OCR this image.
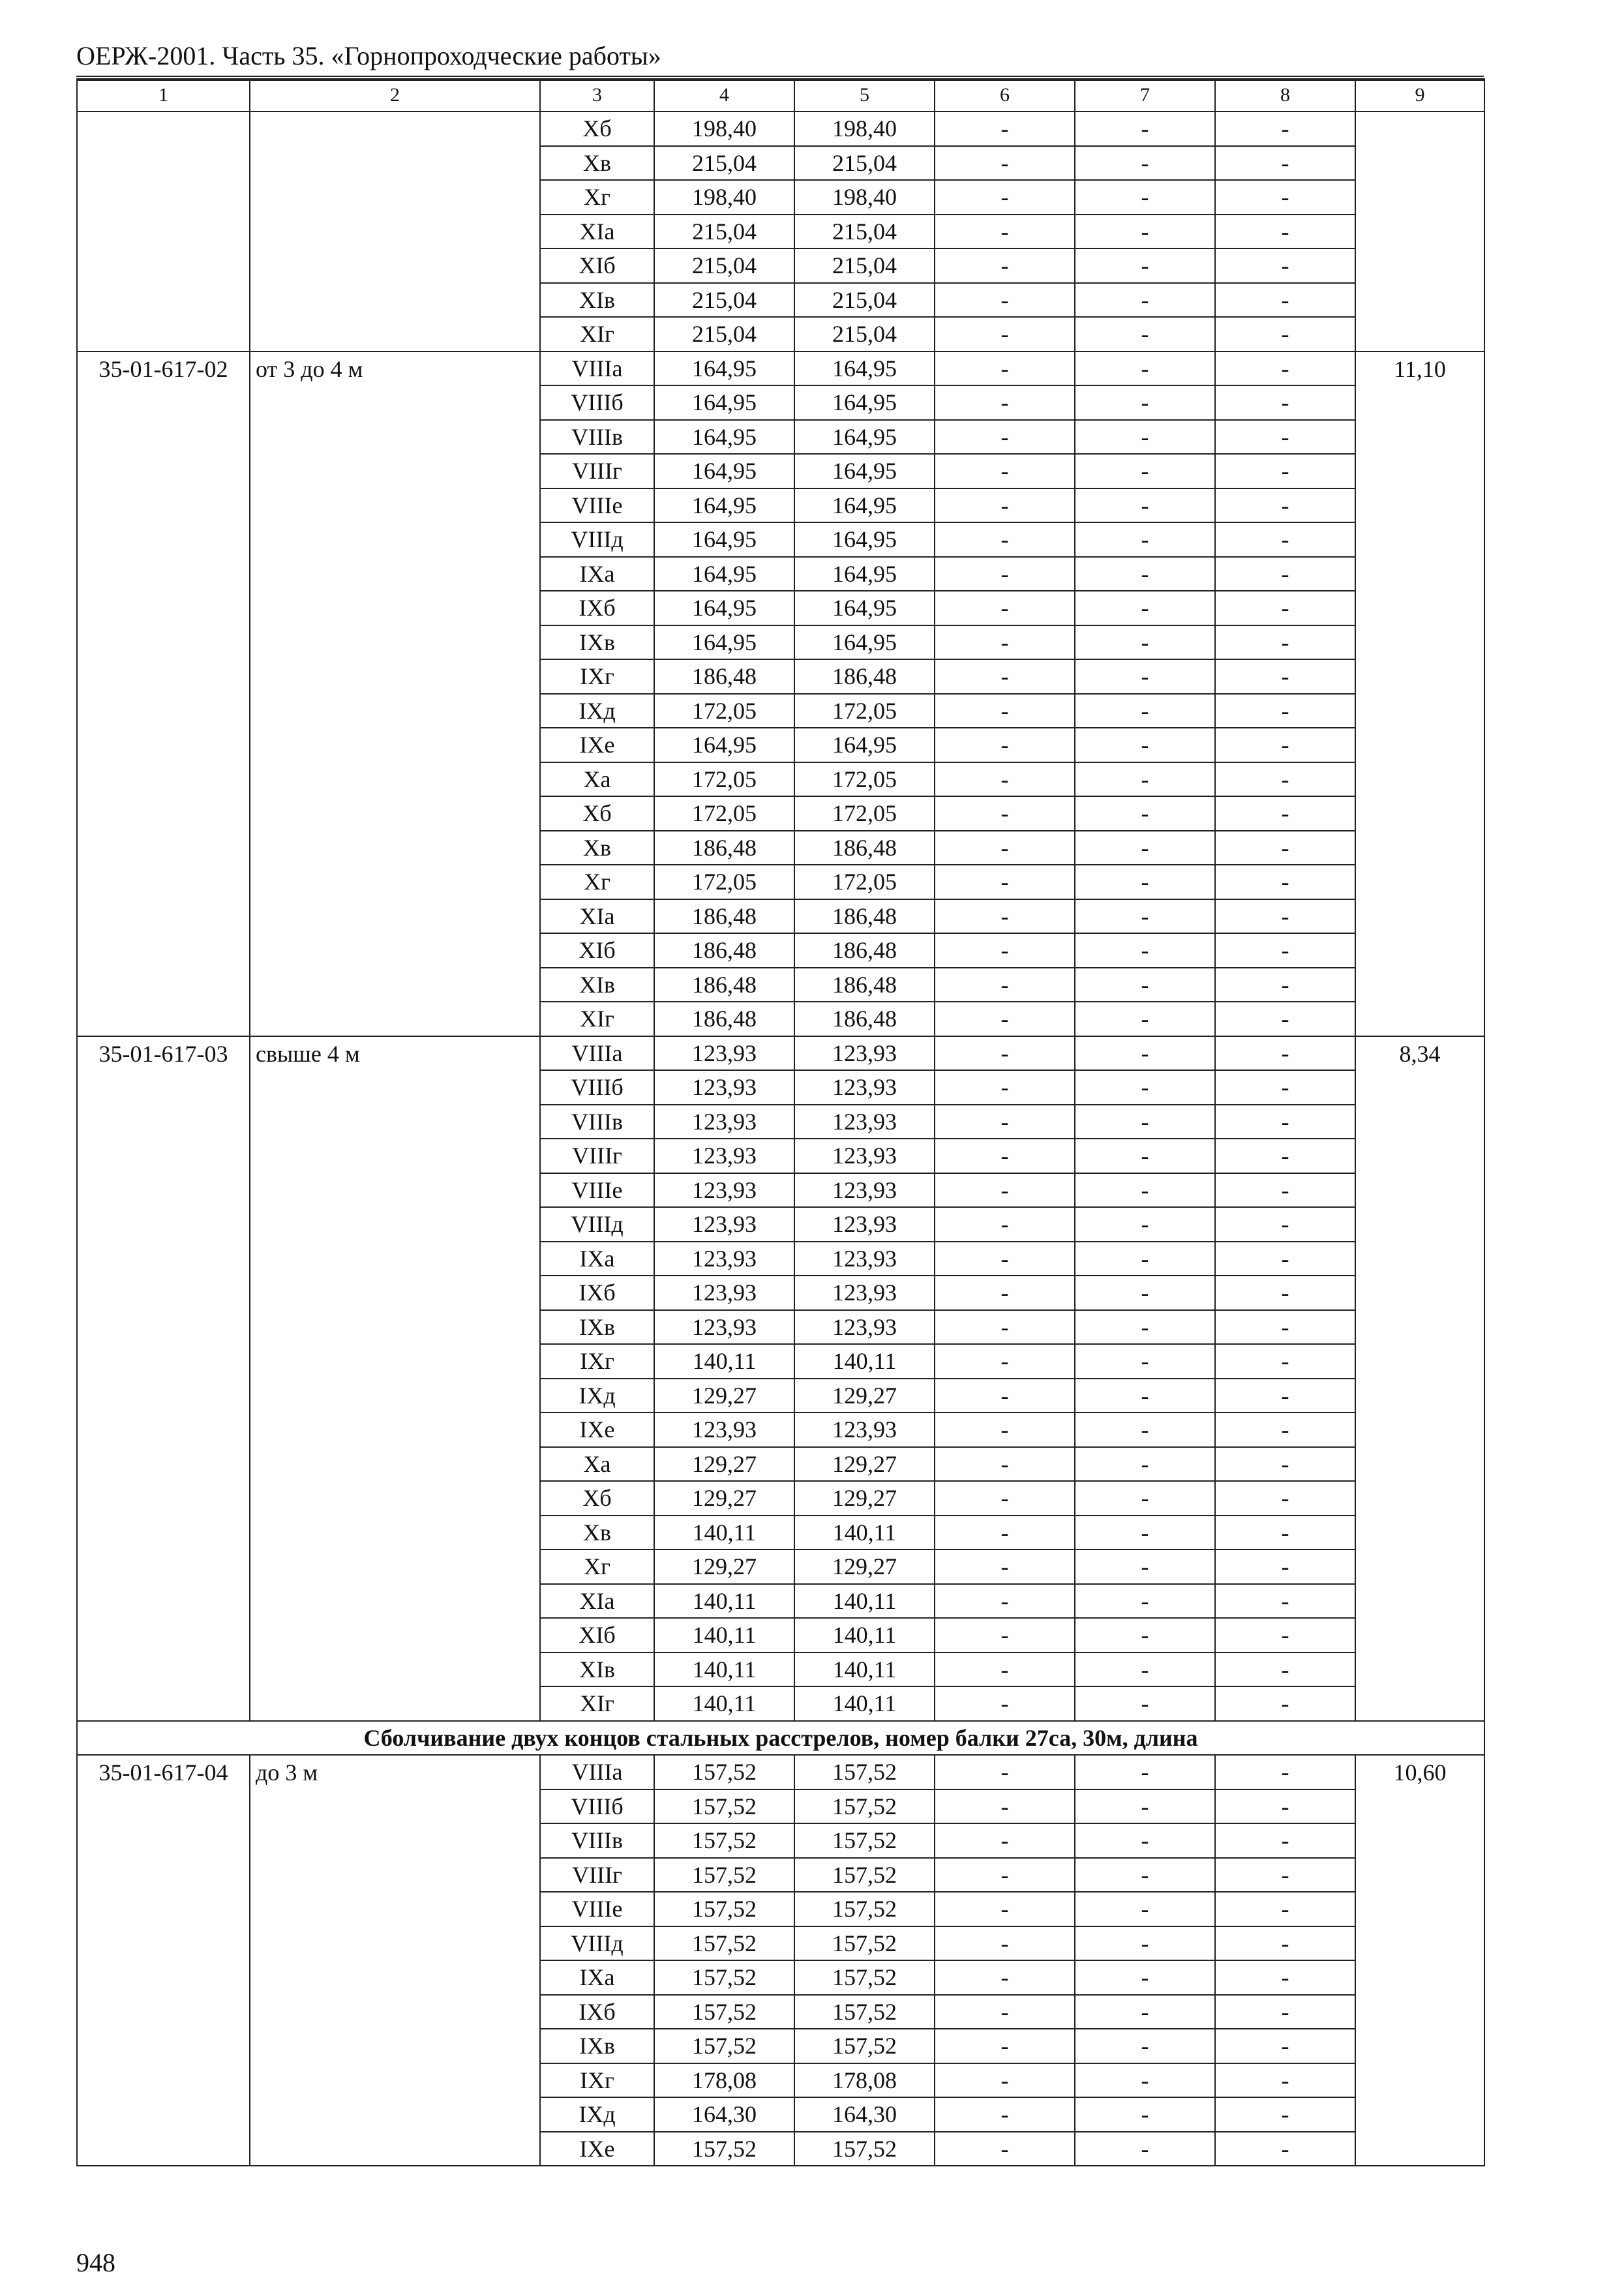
ОЕРЖ-2001. Часть 35. «Горнопроходческие работы»
1	2	3	4	5	6	7	8	9
		Хб	198,40	198,40	-	-	-	
		Хв	215,04	215,04	-	-	-	
		Хг	198,40	198,40	-	-	-	
		ХIа	215,04	215,04	-	-	-	
		ХIб	215,04	215,04	-	-	-	
		ХIв	215,04	215,04	-	-	-	
		ХIг	215,04	215,04	-	-	-	
35-01-617-02	от 3 до 4 м	VIIIа	164,95	164,95	-	-	-	11,10
		VIIIб	164,95	164,95	-	-	-	
		VIIIв	164,95	164,95	-	-	-	
		VIIIг	164,95	164,95	-	-	-	
		VIIIе	164,95	164,95	-	-	-	
		VIIIд	164,95	164,95	-	-	-	
		IХа	164,95	164,95	-	-	-	
		IХб	164,95	164,95	-	-	-	
		IХв	164,95	164,95	-	-	-	
		IХг	186,48	186,48	-	-	-	
		IХд	172,05	172,05	-	-	-	
		IХе	164,95	164,95	-	-	-	
		Ха	172,05	172,05	-	-	-	
		Хб	172,05	172,05	-	-	-	
		Хв	186,48	186,48	-	-	-	
		Хг	172,05	172,05	-	-	-	
		ХIа	186,48	186,48	-	-	-	
		ХIб	186,48	186,48	-	-	-	
		ХIв	186,48	186,48	-	-	-	
		ХIг	186,48	186,48	-	-	-	
35-01-617-03	свыше 4 м	VIIIа	123,93	123,93	-	-	-	8,34
		VIIIб	123,93	123,93	-	-	-	
		VIIIв	123,93	123,93	-	-	-	
		VIIIг	123,93	123,93	-	-	-	
		VIIIе	123,93	123,93	-	-	-	
		VIIIд	123,93	123,93	-	-	-	
		IХа	123,93	123,93	-	-	-	
		IХб	123,93	123,93	-	-	-	
		IХв	123,93	123,93	-	-	-	
		IХг	140,11	140,11	-	-	-	
		IХд	129,27	129,27	-	-	-	
		IХе	123,93	123,93	-	-	-	
		Ха	129,27	129,27	-	-	-	
		Хб	129,27	129,27	-	-	-	
		Хв	140,11	140,11	-	-	-	
		Хг	129,27	129,27	-	-	-	
		ХIа	140,11	140,11	-	-	-	
		ХIб	140,11	140,11	-	-	-	
		ХIв	140,11	140,11	-	-	-	
		ХIг	140,11	140,11	-	-	-	
Сболчивание двух концов стальных расстрелов, номер балки 27са, 30м, длина								
35-01-617-04	до 3 м	VIIIа	157,52	157,52	-	-	-	10,60
		VIIIб	157,52	157,52	-	-	-	
		VIIIв	157,52	157,52	-	-	-	
		VIIIг	157,52	157,52	-	-	-	
		VIIIе	157,52	157,52	-	-	-	
		VIIIд	157,52	157,52	-	-	-	
		IХа	157,52	157,52	-	-	-	
		IХб	157,52	157,52	-	-	-	
		IХв	157,52	157,52	-	-	-	
		IХг	178,08	178,08	-	-	-	
		IХд	164,30	164,30	-	-	-	
		IХе	157,52	157,52	-	-	-	
948
